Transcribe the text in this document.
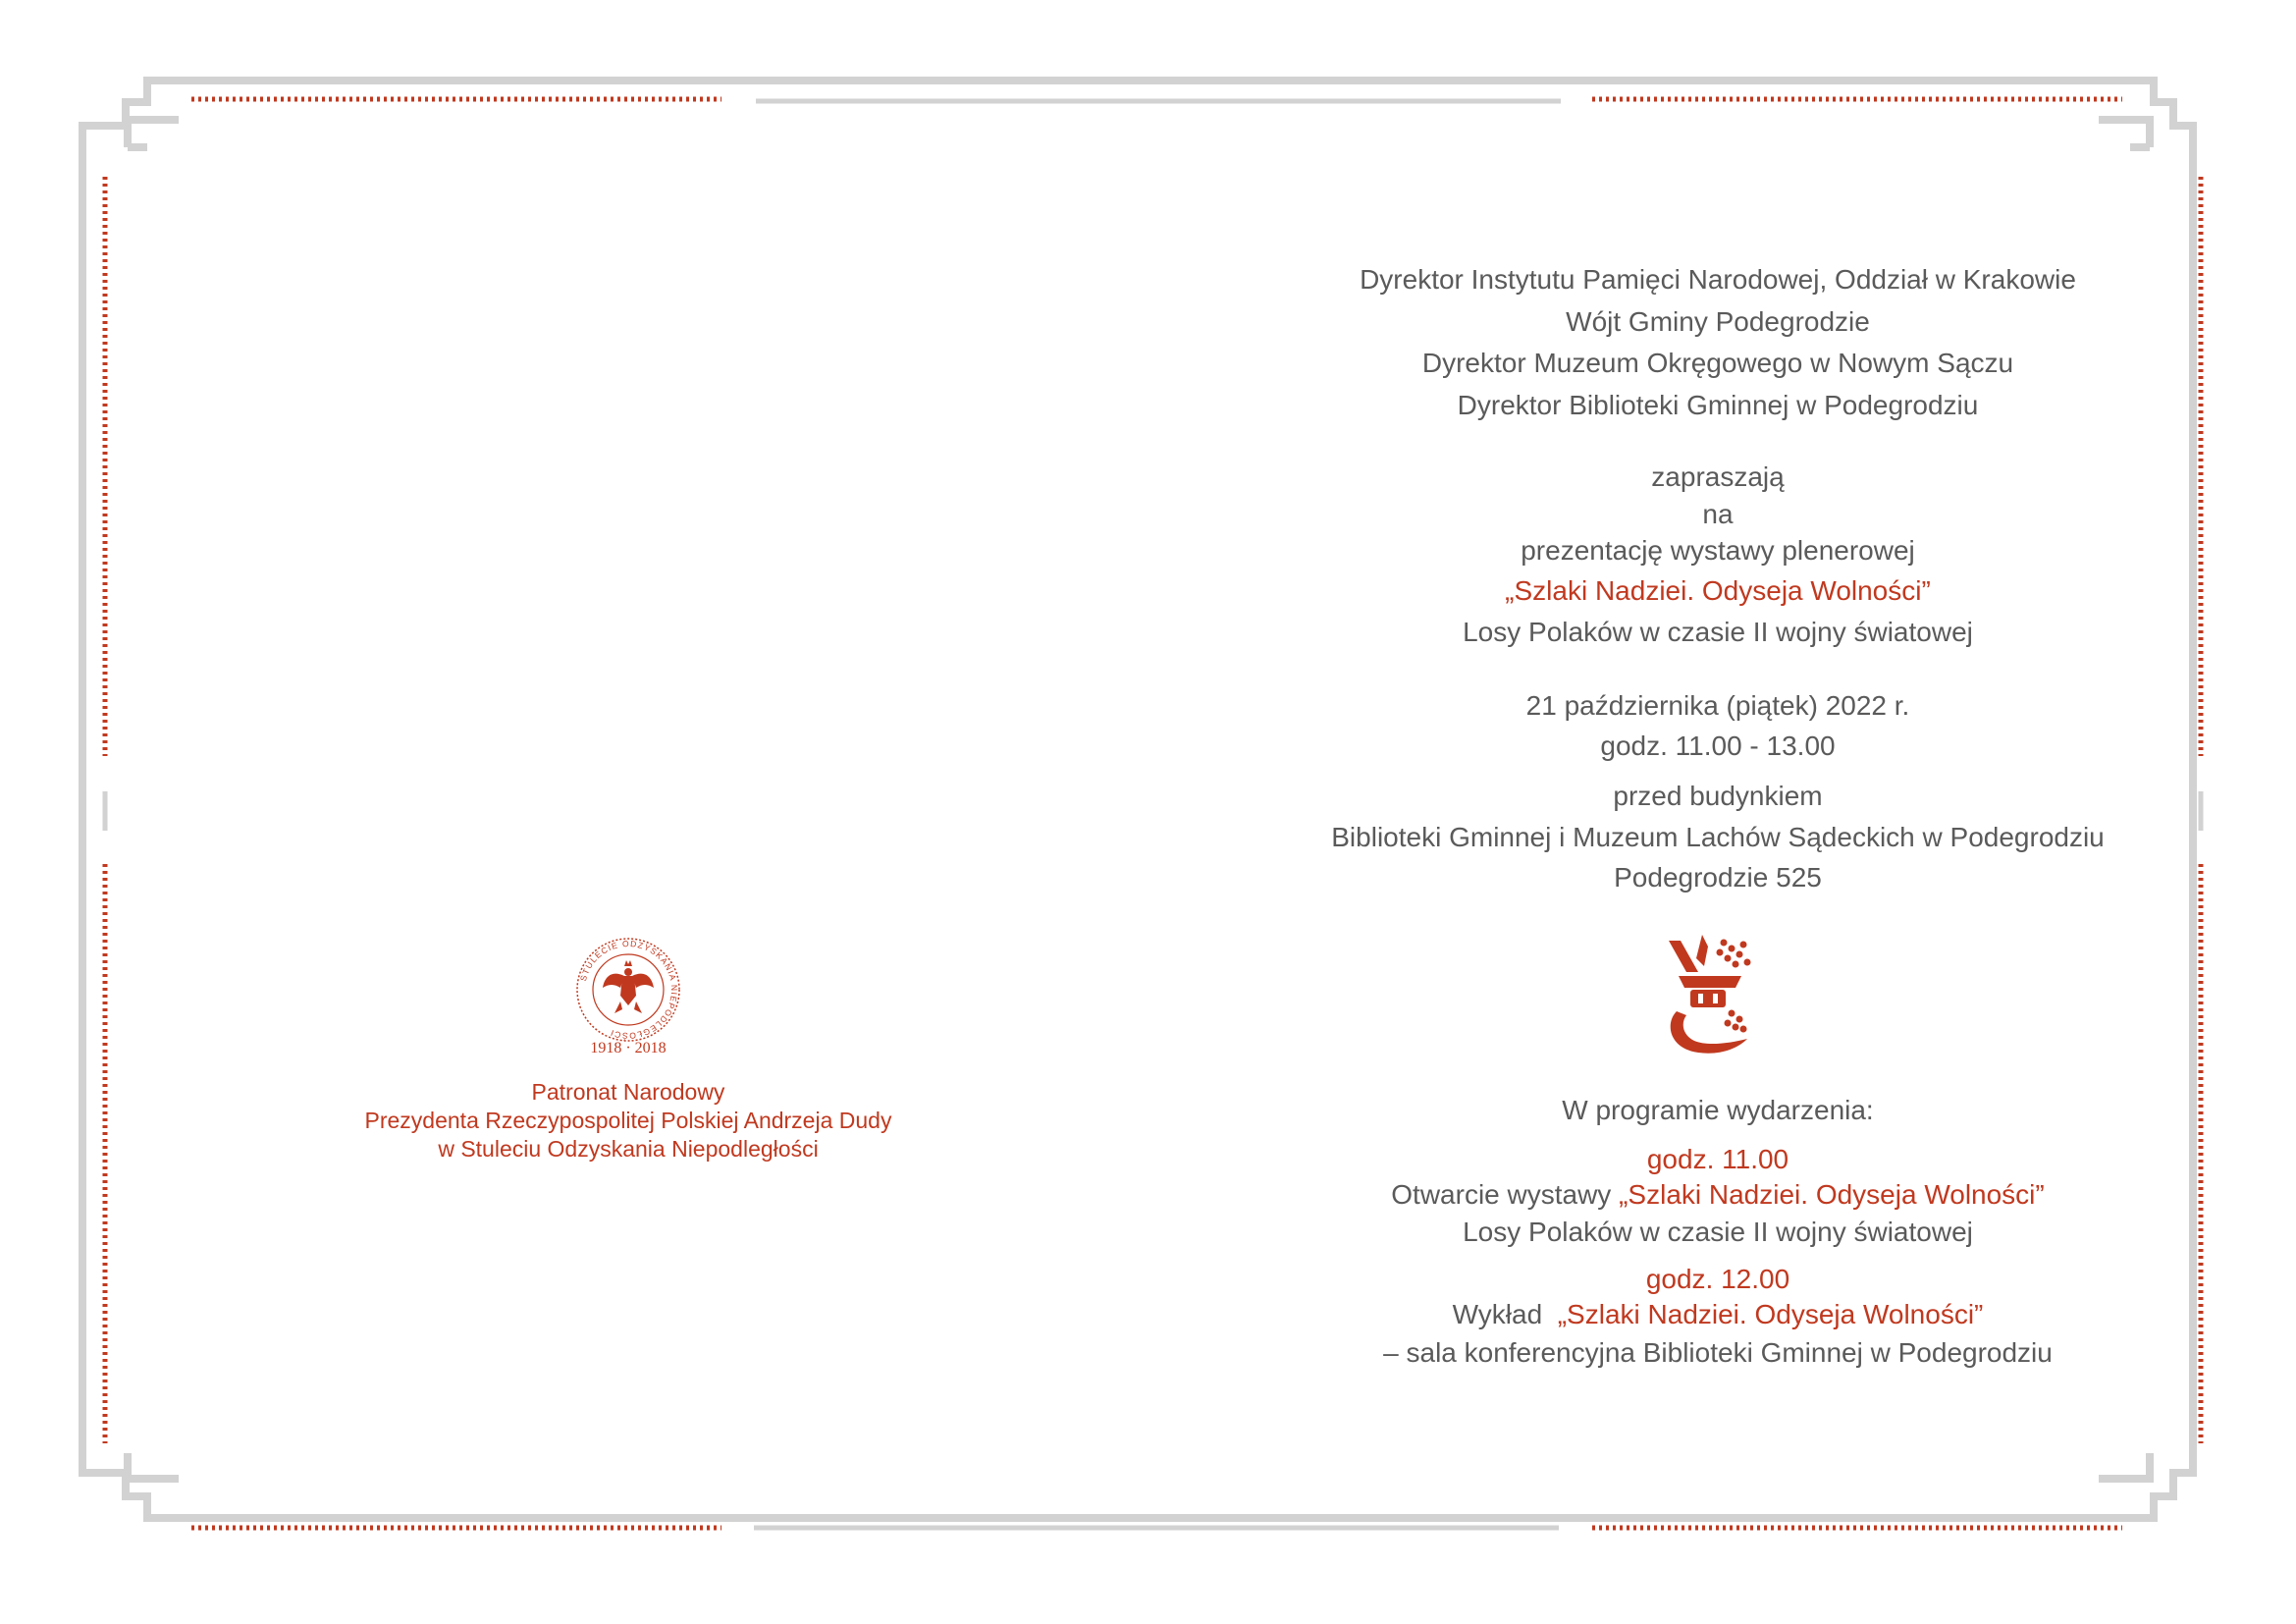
Dyrektor Instytutu Pamięci Narodowej, Oddział w Krakowie
Wójt Gminy Podegrodzie
Dyrektor Muzeum Okręgowego w Nowym Sączu
Dyrektor Biblioteki Gminnej w Podegrodziu
zapraszają
na
prezentację wystawy plenerowej
„Szlaki Nadziei. Odyseja Wolności”
Losy Polaków w czasie II wojny światowej
21 października (piątek) 2022 r.
godz. 11.00 - 13.00
przed budynkiem
Biblioteki Gminnej i Muzeum Lachów Sądeckich w Podegrodziu
Podegrodzie 525
W programie wydarzenia:
godz. 11.00
Otwarcie wystawy „Szlaki Nadziei. Odyseja Wolności”
Losy Polaków w czasie II wojny światowej
godz. 12.00
Wykład „Szlaki Nadziei. Odyseja Wolności”
– sala konferencyjna Biblioteki Gminnej w Podegrodziu
STULECIE ODZYSKANIA NIEPODLEGŁOŚCI
1918 · 2018
Patronat Narodowy
Prezydenta Rzeczypospolitej Polskiej Andrzeja Dudy
w Stuleciu Odzyskania Niepodległości
